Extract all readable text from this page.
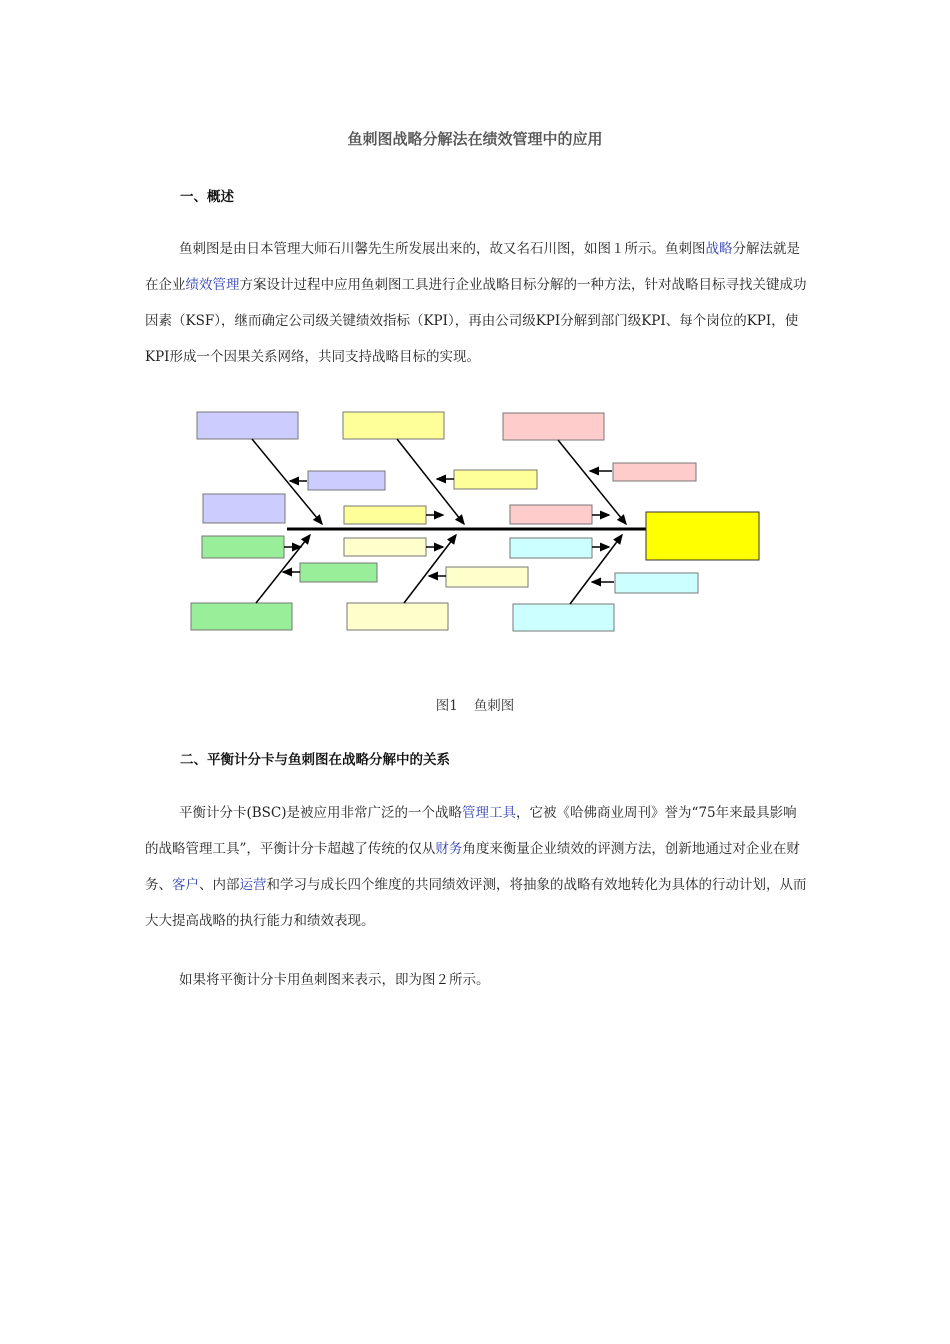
鱼刺图战略分解法在绩效管理中的应用
一、概述

鱼刺图是由日本管理大师石川馨先生所发展出来的，故又名石川图，如图１所示。鱼刺图战略分解法就是在企业绩效管理方案设计过程中应用鱼刺图工具进行企业战略目标分解的一种方法，针对战略目标寻找关键成功因素（KSF），继而确定公司级关键绩效指标（KPI），再由公司级KPI分解到部门级KPI、每个岗位的KPI，使KPI形成一个因果关系网络，共同支持战略目标的实现。

图1 鱼刺图
二、平衡计分卡与鱼刺图在战略分解中的关系

平衡计分卡(BSC)是被应用非常广泛的一个战略管理工具，它被《哈佛商业周刊》誉为“75年来最具影响的战略管理工具”，平衡计分卡超越了传统的仅从财务角度来衡量企业绩效的评测方法，创新地通过对企业在财务、客户、内部运营和学习与成长四个维度的共同绩效评测，将抽象的战略有效地转化为具体的行动计划，从而大大提高战略的执行能力和绩效表现。

如果将平衡计分卡用鱼刺图来表示，即为图２所示。
